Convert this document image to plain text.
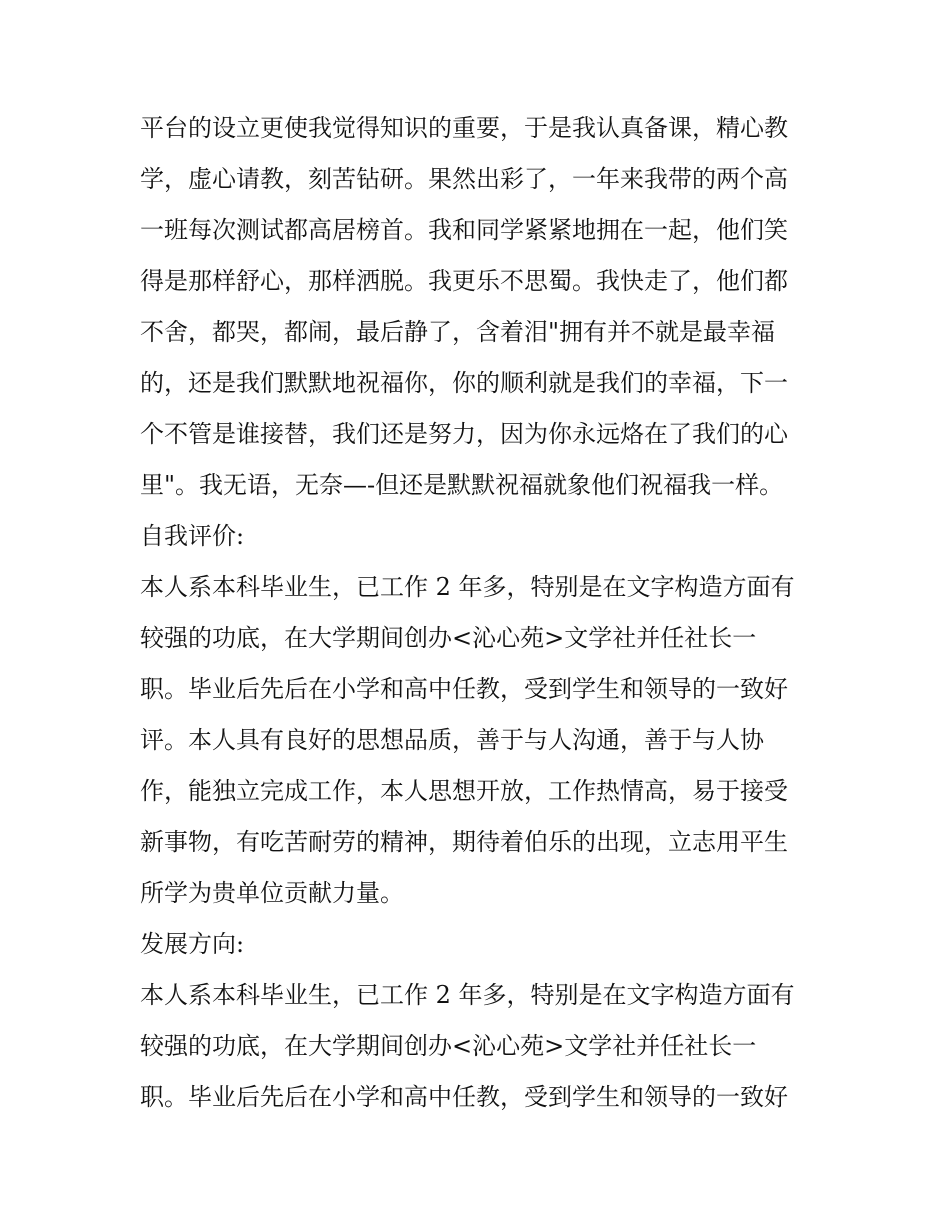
平台的设立更使我觉得知识的重要，于是我认真备课，精心教
学，虚心请教，刻苦钻研。果然出彩了，一年来我带的两个高
一班每次测试都高居榜首。我和同学紧紧地拥在一起，他们笑
得是那样舒心，那样洒脱。我更乐不思蜀。我快走了，他们都
不舍，都哭，都闹，最后静了，含着泪"拥有并不就是最幸福
的，还是我们默默地祝福你，你的顺利就是我们的幸福，下一
个不管是谁接替，我们还是努力，因为你永远烙在了我们的心
里"。我无语，无奈—-但还是默默祝福就象他们祝福我一样。
自我评价:
本人系本科毕业生，已工作 2 年多，特别是在文字构造方面有
较强的功底，在大学期间创办<沁心苑>文学社并任社长一
职。毕业后先后在小学和高中任教，受到学生和领导的一致好
评。本人具有良好的思想品质，善于与人沟通，善于与人协
作，能独立完成工作，本人思想开放，工作热情高，易于接受
新事物，有吃苦耐劳的精神，期待着伯乐的出现，立志用平生
所学为贵单位贡献力量。
发展方向:
本人系本科毕业生，已工作 2 年多，特别是在文字构造方面有
较强的功底，在大学期间创办<沁心苑>文学社并任社长一
职。毕业后先后在小学和高中任教，受到学生和领导的一致好
